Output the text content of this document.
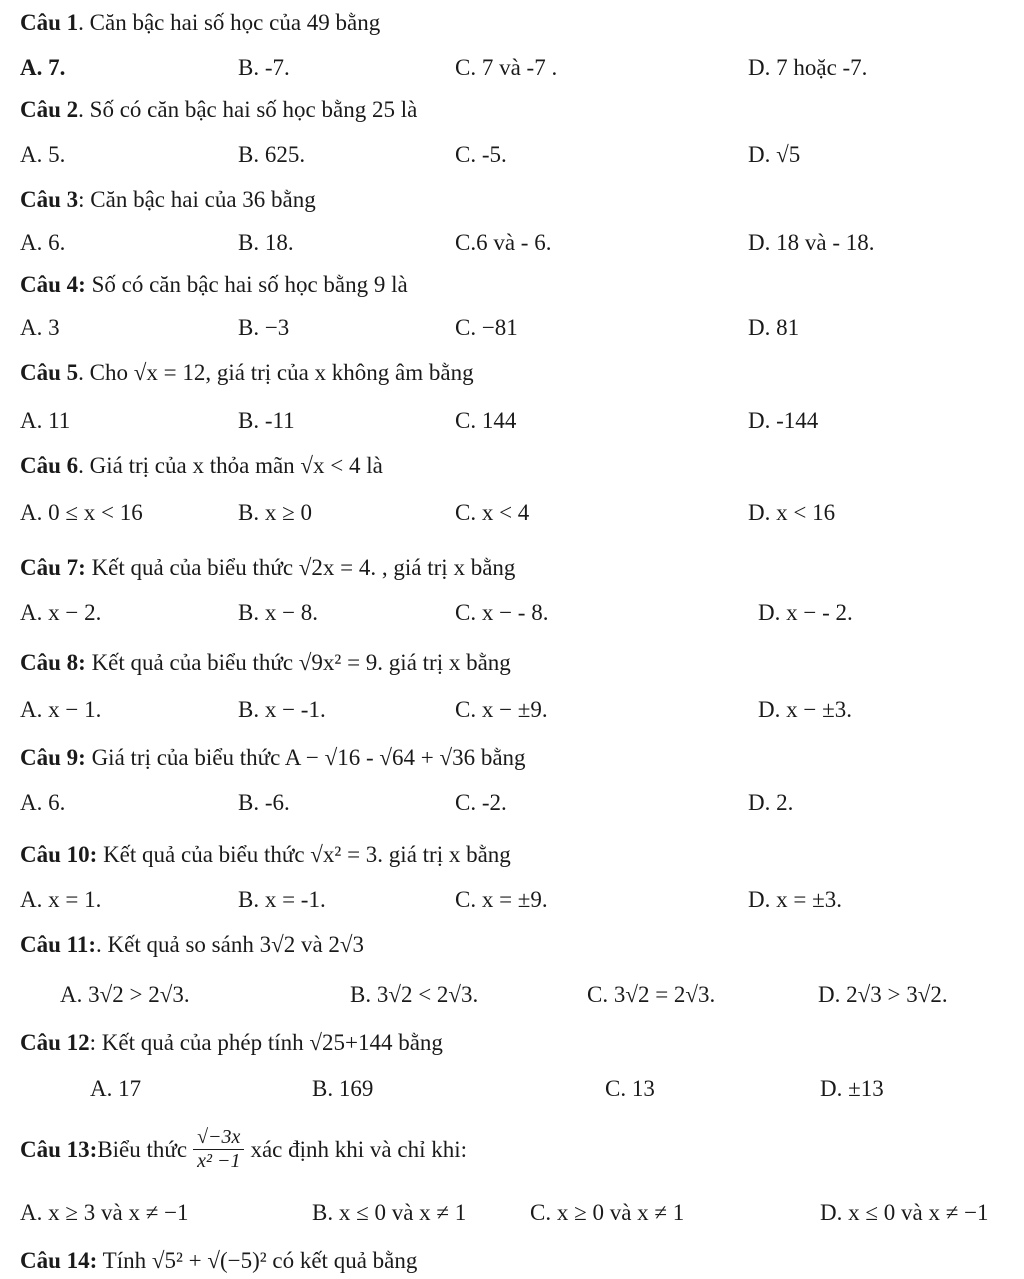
Câu 1. Căn bậc hai số học của 49 bằng
A. 7.	B. -7.	C. 7 và -7 .	D. 7 hoặc -7.
Câu 2. Số có căn bậc hai số học bằng 25 là
A. 5.	B. 625.	C. -5.	D. √5
Câu 3: Căn bậc hai của 36 bằng
A. 6.	B. 18.	C.6 và - 6.	D. 18 và - 18.
Câu 4: Số có căn bậc hai số học bằng 9 là
A. 3	B. −3	C. −81	D. 81
Câu 5. Cho √x = 12, giá trị của x không âm bằng
A. 11	B. -11	C. 144	D. -144
Câu 6. Giá trị của x thỏa mãn √x < 4 là
A. 0 ≤ x < 16	B. x ≥ 0	C. x < 4	D. x < 16
Câu 7: Kết quả của biểu thức √2x = 4. , giá trị x bằng
A. x − 2.	B. x − 8.	C. x − - 8.	D. x − - 2.
Câu 8: Kết quả của biểu thức √9x² = 9. giá trị x bằng
A. x − 1.	B. x − -1.	C. x − ±9.	D. x − ±3.
Câu 9: Giá trị của biểu thức A − √16 - √64 + √36 bằng
A. 6.	B. -6.	C. -2.	D. 2.
Câu 10: Kết quả của biểu thức √x² = 3. giá trị x bằng
A. x = 1.	B. x = -1.	C. x = ±9.	D. x = ±3.
Câu 11:. Kết quả so sánh 3√2 và 2√3
A. 3√2 > 2√3.	B. 3√2 < 2√3.	C. 3√2 = 2√3.	D. 2√3 > 3√2.
Câu 12: Kết quả của phép tính √25+144 bằng
A. 17	B. 169	C. 13	D. ±13
Câu 13: Biểu thức $\frac{√-3x}{\text{x² −1}}$ xác định khi và chỉ khi:
A. x ≥ 3 và x ≠ −1	B. x ≤ 0 và x ≠ 1	C. x ≥ 0 và x ≠ 1	D. x ≤ 0 và x ≠ −1
Câu 14: Tính √5² + √(−5)² có kết quả bằng
